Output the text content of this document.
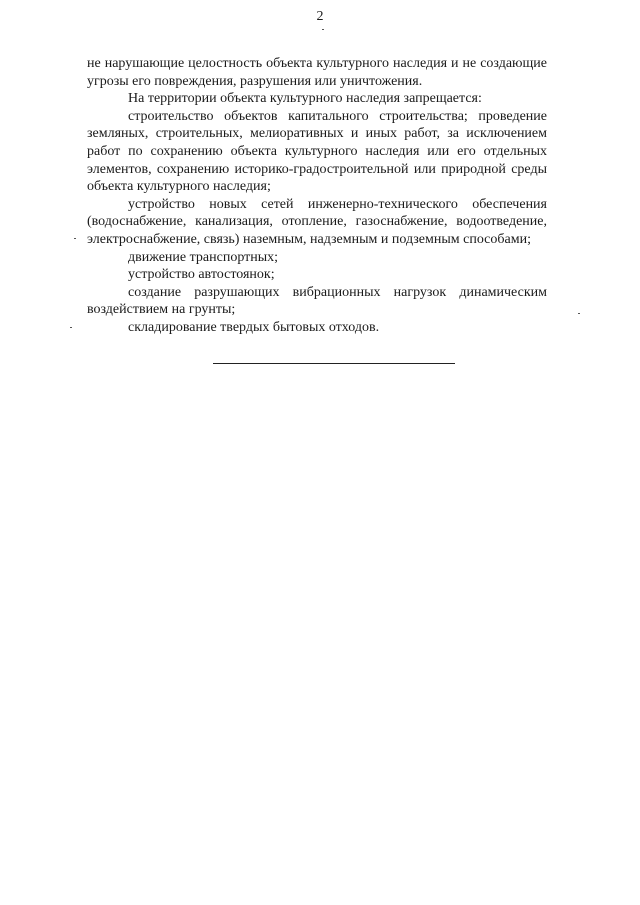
2

не нарушающие целостность объекта культурного наследия и не создающие угрозы его повреждения, разрушения или уничтожения.

На территории объекта культурного наследия запрещается:

строительство объектов капитального строительства; проведение земляных, строительных, мелиоративных и иных работ, за исключением работ по сохранению объекта культурного наследия или его отдельных элементов, сохранению историко-градостроительной или природной среды объекта культурного наследия;

устройство новых сетей инженерно-технического обеспечения (водоснабжение, канализация, отопление, газоснабжение, водоотведение, электроснабжение, связь) наземным, надземным и подземным способами;

движение транспортных;

устройство автостоянок;

создание разрушающих вибрационных нагрузок динамическим воздействием на грунты;

складирование твердых бытовых отходов.
